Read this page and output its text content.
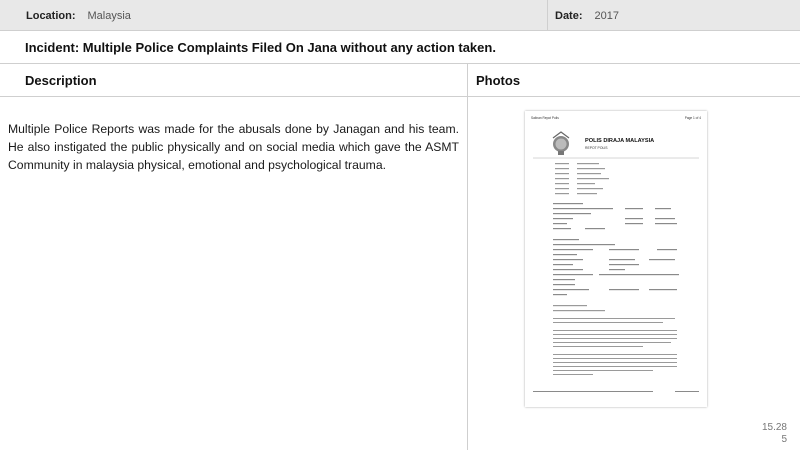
Location: Malaysia	Date: 2017
Incident: Multiple Police Complaints Filed On Jana without any action taken.
Description	Photos

Multiple Police Reports was made for the abusals done by Janagan and his team. He also instigated the public physically and on social media which gave the ASMT Community in malaysia physical, emotional and psychological trauma.

Salinan Repot Polis	Page 1 of 4
POLIS DIRAJA MALAYSIA
REPOT POLIS
15.28
5
